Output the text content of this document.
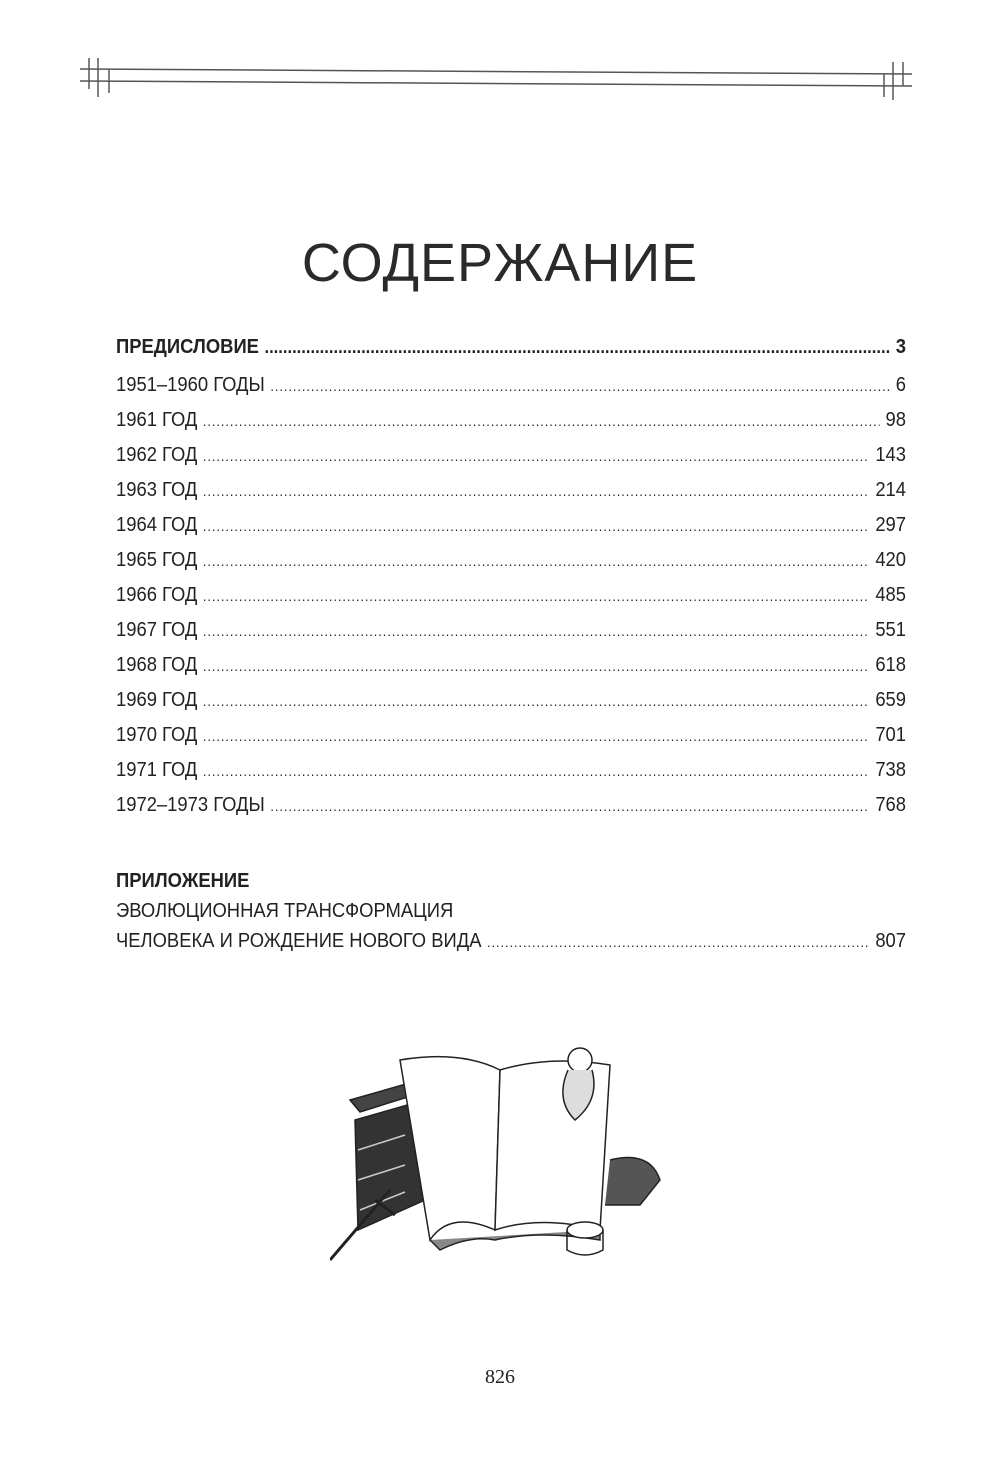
СОДЕРЖАНИЕ
ПРЕДИСЛОВИЕ .....	3
1951–1960 ГОДЫ .....	6
1961 ГОД .....	98
1962 ГОД .....	143
1963 ГОД .....	214
1964 ГОД .....	297
1965 ГОД .....	420
1966 ГОД .....	485
1967 ГОД .....	551
1968 ГОД .....	618
1969 ГОД .....	659
1970 ГОД .....	701
1971 ГОД .....	738
1972–1973 ГОДЫ .....	768
ПРИЛОЖЕНИЕ
ЭВОЛЮЦИОННАЯ ТРАНСФОРМАЦИЯ
ЧЕЛОВЕКА И РОЖДЕНИЕ НОВОГО ВИДА .....	807
826
